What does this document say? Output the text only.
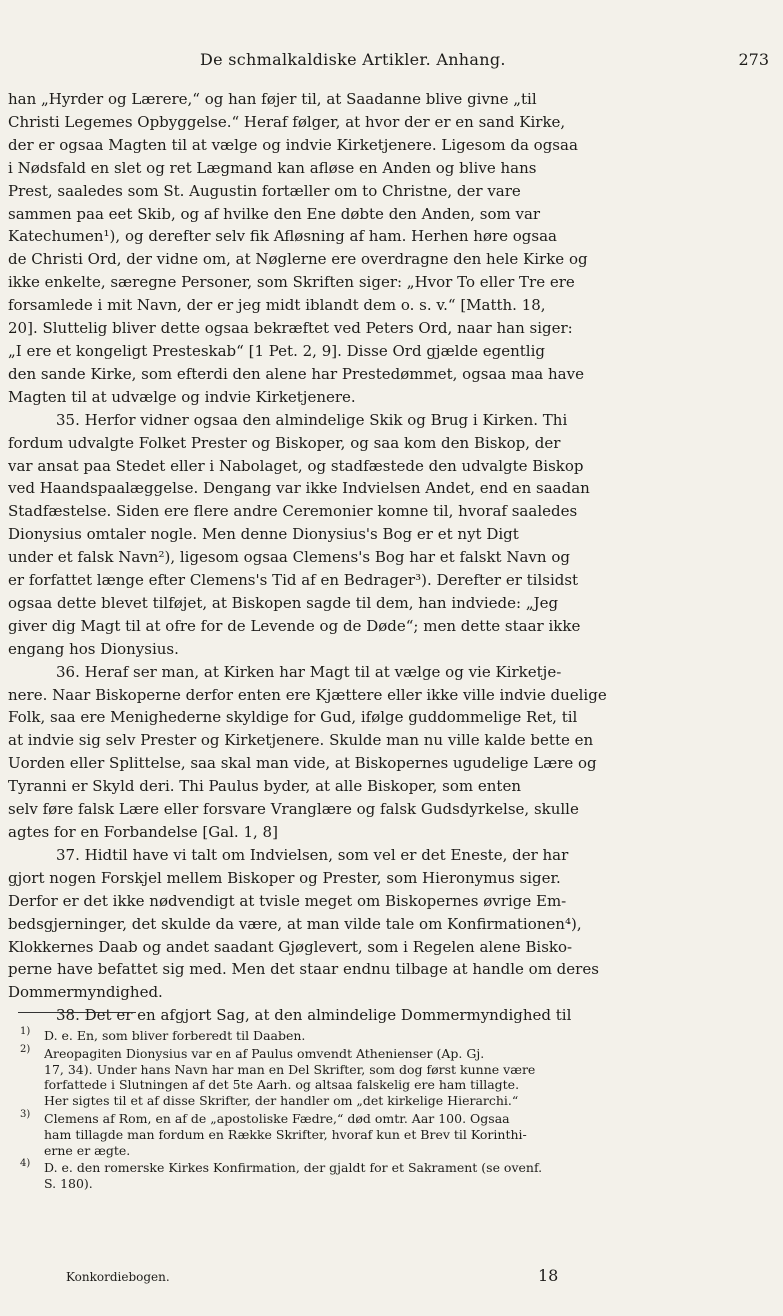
De schmalkaldiske Artikler. Anhang.	273

han „Hyrder og Lærere,“ og han føjer til, at Saadanne blive givne „til
Christi Legemes Opbyggelse.“ Heraf følger, at hvor der er en sand Kirke,
der er ogsaa Magten til at vælge og indvie Kirketjenere. Ligesom da ogsaa
i Nødsfald en slet og ret Lægmand kan afløse en Anden og blive hans
Prest, saaledes som St. Augustin fortæller om to Christne, der vare
sammen paa eet Skib, og af hvilke den Ene døbte den Anden, som var
Katechumen¹), og derefter selv fik Afløsning af ham. Herhen høre ogsaa
de Christi Ord, der vidne om, at Nøglerne ere overdragne den hele Kirke og
ikke enkelte, særegne Personer, som Skriften siger: „Hvor To eller Tre ere
forsamlede i mit Navn, der er jeg midt iblandt dem o. s. v.“ [Matth. 18,
20]. Sluttelig bliver dette ogsaa bekræftet ved Peters Ord, naar han siger:
„I ere et kongeligt Presteskab“ [1 Pet. 2, 9]. Disse Ord gjælde egentlig
den sande Kirke, som efterdi den alene har Prestedømmet, ogsaa maa have
Magten til at udvælge og indvie Kirketjenere.

35. Herfor vidner ogsaa den almindelige Skik og Brug i Kirken. Thi
fordum udvalgte Folket Prester og Biskoper, og saa kom den Biskop, der
var ansat paa Stedet eller i Nabolaget, og stadfæstede den udvalgte Biskop
ved Haandspaalæggelse. Dengang var ikke Indvielsen Andet, end en saadan
Stadfæstelse. Siden ere flere andre Ceremonier komne til, hvoraf saaledes
Dionysius omtaler nogle. Men denne Dionysius's Bog er et nyt Digt
under et falsk Navn²), ligesom ogsaa Clemens's Bog har et falskt Navn og
er forfattet længe efter Clemens's Tid af en Bedrager³). Derefter er tilsidst
ogsaa dette blevet tilføjet, at Biskopen sagde til dem, han indviede: „Jeg
giver dig Magt til at ofre for de Levende og de Døde“; men dette staar ikke
engang hos Dionysius.

36. Heraf ser man, at Kirken har Magt til at vælge og vie Kirketje-
nere. Naar Biskoperne derfor enten ere Kjættere eller ikke ville indvie duelige
Folk, saa ere Menighederne skyldige for Gud, ifølge guddommelige Ret, til
at indvie sig selv Prester og Kirketjenere. Skulde man nu ville kalde bette en
Uorden eller Splittelse, saa skal man vide, at Biskopernes ugudelige Lære og
Tyranni er Skyld deri. Thi Paulus byder, at alle Biskoper, som enten
selv føre falsk Lære eller forsvare Vranglære og falsk Gudsdyrkelse, skulle
agtes for en Forbandelse [Gal. 1, 8]

37. Hidtil have vi talt om Indvielsen, som vel er det Eneste, der har
gjort nogen Forskjel mellem Biskoper og Prester, som Hieronymus siger.
Derfor er det ikke nødvendigt at tvisle meget om Biskopernes øvrige Em-
bedsgjerninger, det skulde da være, at man vilde tale om Konfirmationen⁴),
Klokkernes Daab og andet saadant Gjøglevert, som i Regelen alene Bisko-
perne have befattet sig med. Men det staar endnu tilbage at handle om deres
Dommermyndighed.

38. Det er en afgjort Sag, at den almindelige Dommermyndighed til

1) D. e. En, som bliver forberedt til Daaben.
2) Areopagiten Dionysius var en af Paulus omvendt Athenienser (Ap. Gj.
17, 34). Under hans Navn har man en Del Skrifter, som dog først kunne være
forfattede i Slutningen af det 5te Aarh. og altsaa falskelig ere ham tillagte.
Her sigtes til et af disse Skrifter, der handler om „det kirkelige Hierarchi.“
3) Clemens af Rom, en af de „apostoliske Fædre,“ død omtr. Aar 100. Ogsaa
ham tillagde man fordum en Række Skrifter, hvoraf kun et Brev til Korinthi-
erne er ægte.
4) D. e. den romerske Kirkes Konfirmation, der gjaldt for et Sakrament (se ovenf.
S. 180).
Konkordiebogen.	18
